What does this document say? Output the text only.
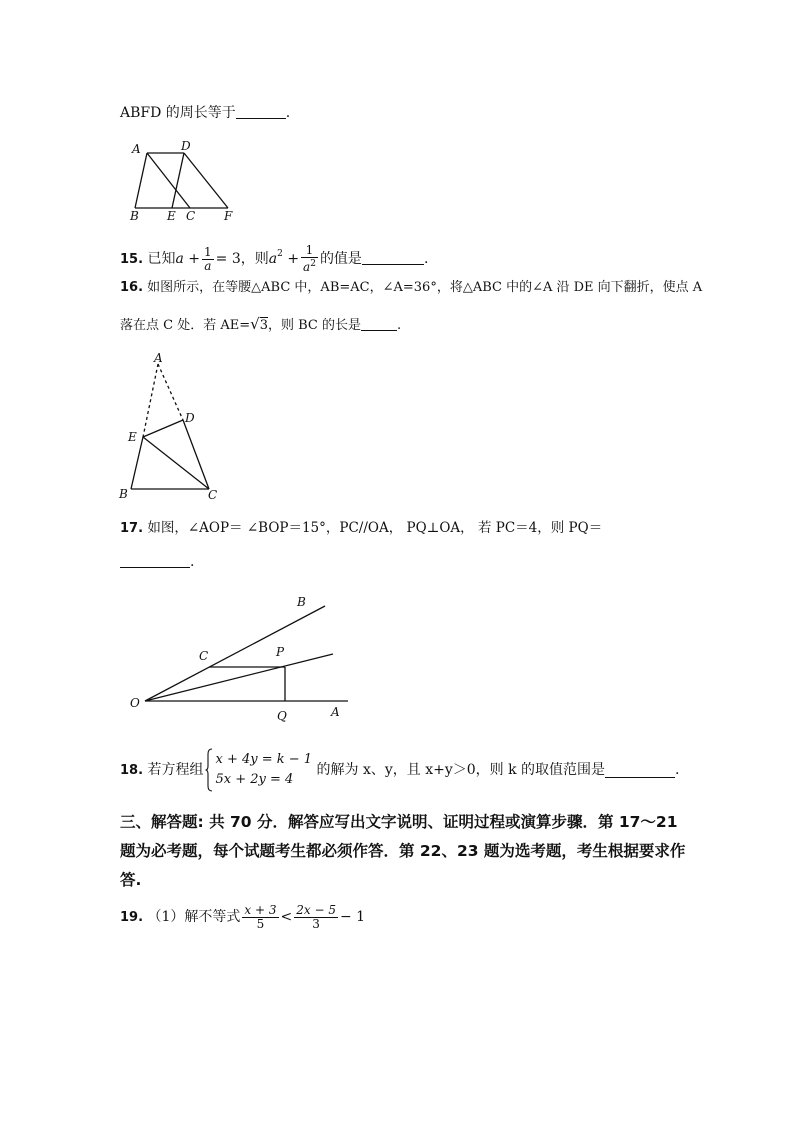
ABFD 的周长等于	.
A	D
B E C F
15. 已知$a + \frac{1}{a} = 3$，则$a^2 + \frac{1}{a^2}$ 的值是	.
16. 如图所示，在等腰△ABC 中，AB=AC，∠A=36°，将△ABC 中的∠A 沿 DE 向下翻折，使点 A
落在点 C 处．若 AE=√3，则 BC 的长是	.
A
D
E
B	C
17. 如图，∠AOP＝ ∠BOP＝15°，PC//OA， PQ⊥OA， 若 PC＝4，则 PQ＝
.
B
C	P
O
Q	A
18. 若方程组
x + 4y = k − 1
5x + 2y = 4
的解为 x、y，且 x+y＞0，则 k 的取值范围是	.
三、解答题: 共 70 分．解答应写出文字说明、证明过程或演算步骤．第 17～21 题为必考题，每个试题考生都必须作答．第 22、23 题为选考题，考生根据要求作答.
19. （1）解不等式 $\frac{x + 3}{5} < \frac{2x - 5}{3} - 1$
